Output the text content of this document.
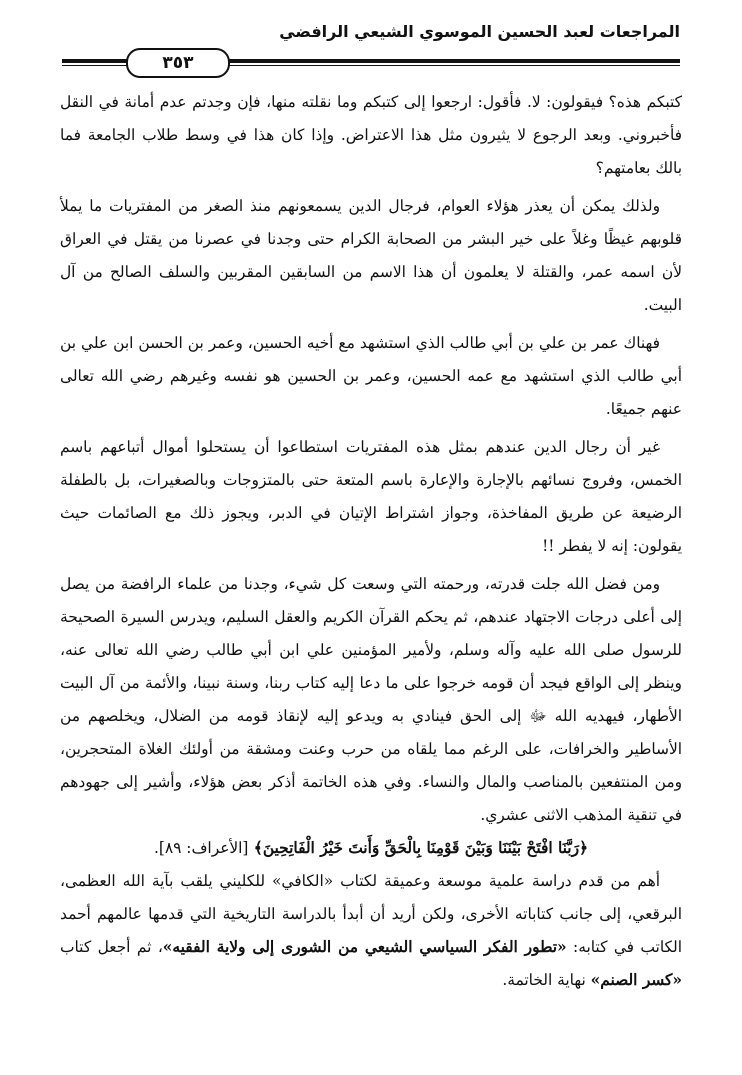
المراجعات لعبد الحسين الموسوي الشيعي الرافضي
٣٥٣

كتبكم هذه؟ فيقولون: لا. فأقول: ارجعوا إلى كتبكم وما نقلته منها، فإن وجدتم عدم أمانة في النقل فأخبروني. وبعد الرجوع لا يثيرون مثل هذا الاعتراض. وإذا كان هذا في وسط طلاب الجامعة فما بالك بعامتهم؟

ولذلك يمكن أن يعذر هؤلاء العوام، فرجال الدين يسمعونهم منذ الصغر من المفتريات ما يملأ قلوبهم غيظًا وغلاً على خير البشر من الصحابة الكرام حتى وجدنا في عصرنا من يقتل في العراق لأن اسمه عمر، والقتلة لا يعلمون أن هذا الاسم من السابقين المقربين والسلف الصالح من آل البيت.

فهناك عمر بن علي بن أبي طالب الذي استشهد مع أخيه الحسين، وعمر بن الحسن ابن علي بن أبي طالب الذي استشهد مع عمه الحسين، وعمر بن الحسين هو نفسه وغيرهم رضي الله تعالى عنهم جميعًا.

غير أن رجال الدين عندهم بمثل هذه المفتريات استطاعوا أن يستحلوا أموال أتباعهم باسم الخمس، وفروج نسائهم بالإجارة والإعارة باسم المتعة حتى بالمتزوجات وبالصغيرات، بل بالطفلة الرضيعة عن طريق المفاخذة، وجواز اشتراط الإتيان في الدبر، ويجوز ذلك مع الصائمات حيث يقولون: إنه لا يفطر !!

ومن فضل الله جلت قدرته، ورحمته التي وسعت كل شيء، وجدنا من علماء الرافضة من يصل إلى أعلى درجات الاجتهاد عندهم، ثم يحكم القرآن الكريم والعقل السليم، ويدرس السيرة الصحيحة للرسول صلى الله عليه وآله وسلم، ولأمير المؤمنين علي ابن أبي طالب رضي الله تعالى عنه، وينظر إلى الواقع فيجد أن قومه خرجوا على ما دعا إليه كتاب ربنا، وسنة نبينا، والأئمة من آل البيت الأطهار، فيهديه الله ﷻ إلى الحق فينادي به ويدعو إليه لإنقاذ قومه من الضلال، ويخلصهم من الأساطير والخرافات، على الرغم مما يلقاه من حرب وعنت ومشقة من أولئك الغلاة المتحجرين، ومن المنتفعين بالمناصب والمال والنساء. وفي هذه الخاتمة أذكر بعض هؤلاء، وأشير إلى جهودهم في تنقية المذهب الاثنى عشري.

﴿رَبَّنَا افْتَحْ بَيْنَنَا وَبَيْنَ قَوْمِنَا بِالْحَقِّ وَأَنتَ خَيْرُ الْفَاتِحِينَ﴾ [الأعراف: ٨٩].

أهم من قدم دراسة علمية موسعة وعميقة لكتاب «الكافي» للكليني يلقب بآية الله العظمى، البرقعي، إلى جانب كتاباته الأخرى، ولكن أريد أن أبدأ بالدراسة التاريخية التي قدمها عالمهم أحمد الكاتب في كتابه: «تطور الفكر السياسي الشيعي من الشورى إلى ولاية الفقيه»، ثم أجعل كتاب «كسر الصنم» نهاية الخاتمة.
